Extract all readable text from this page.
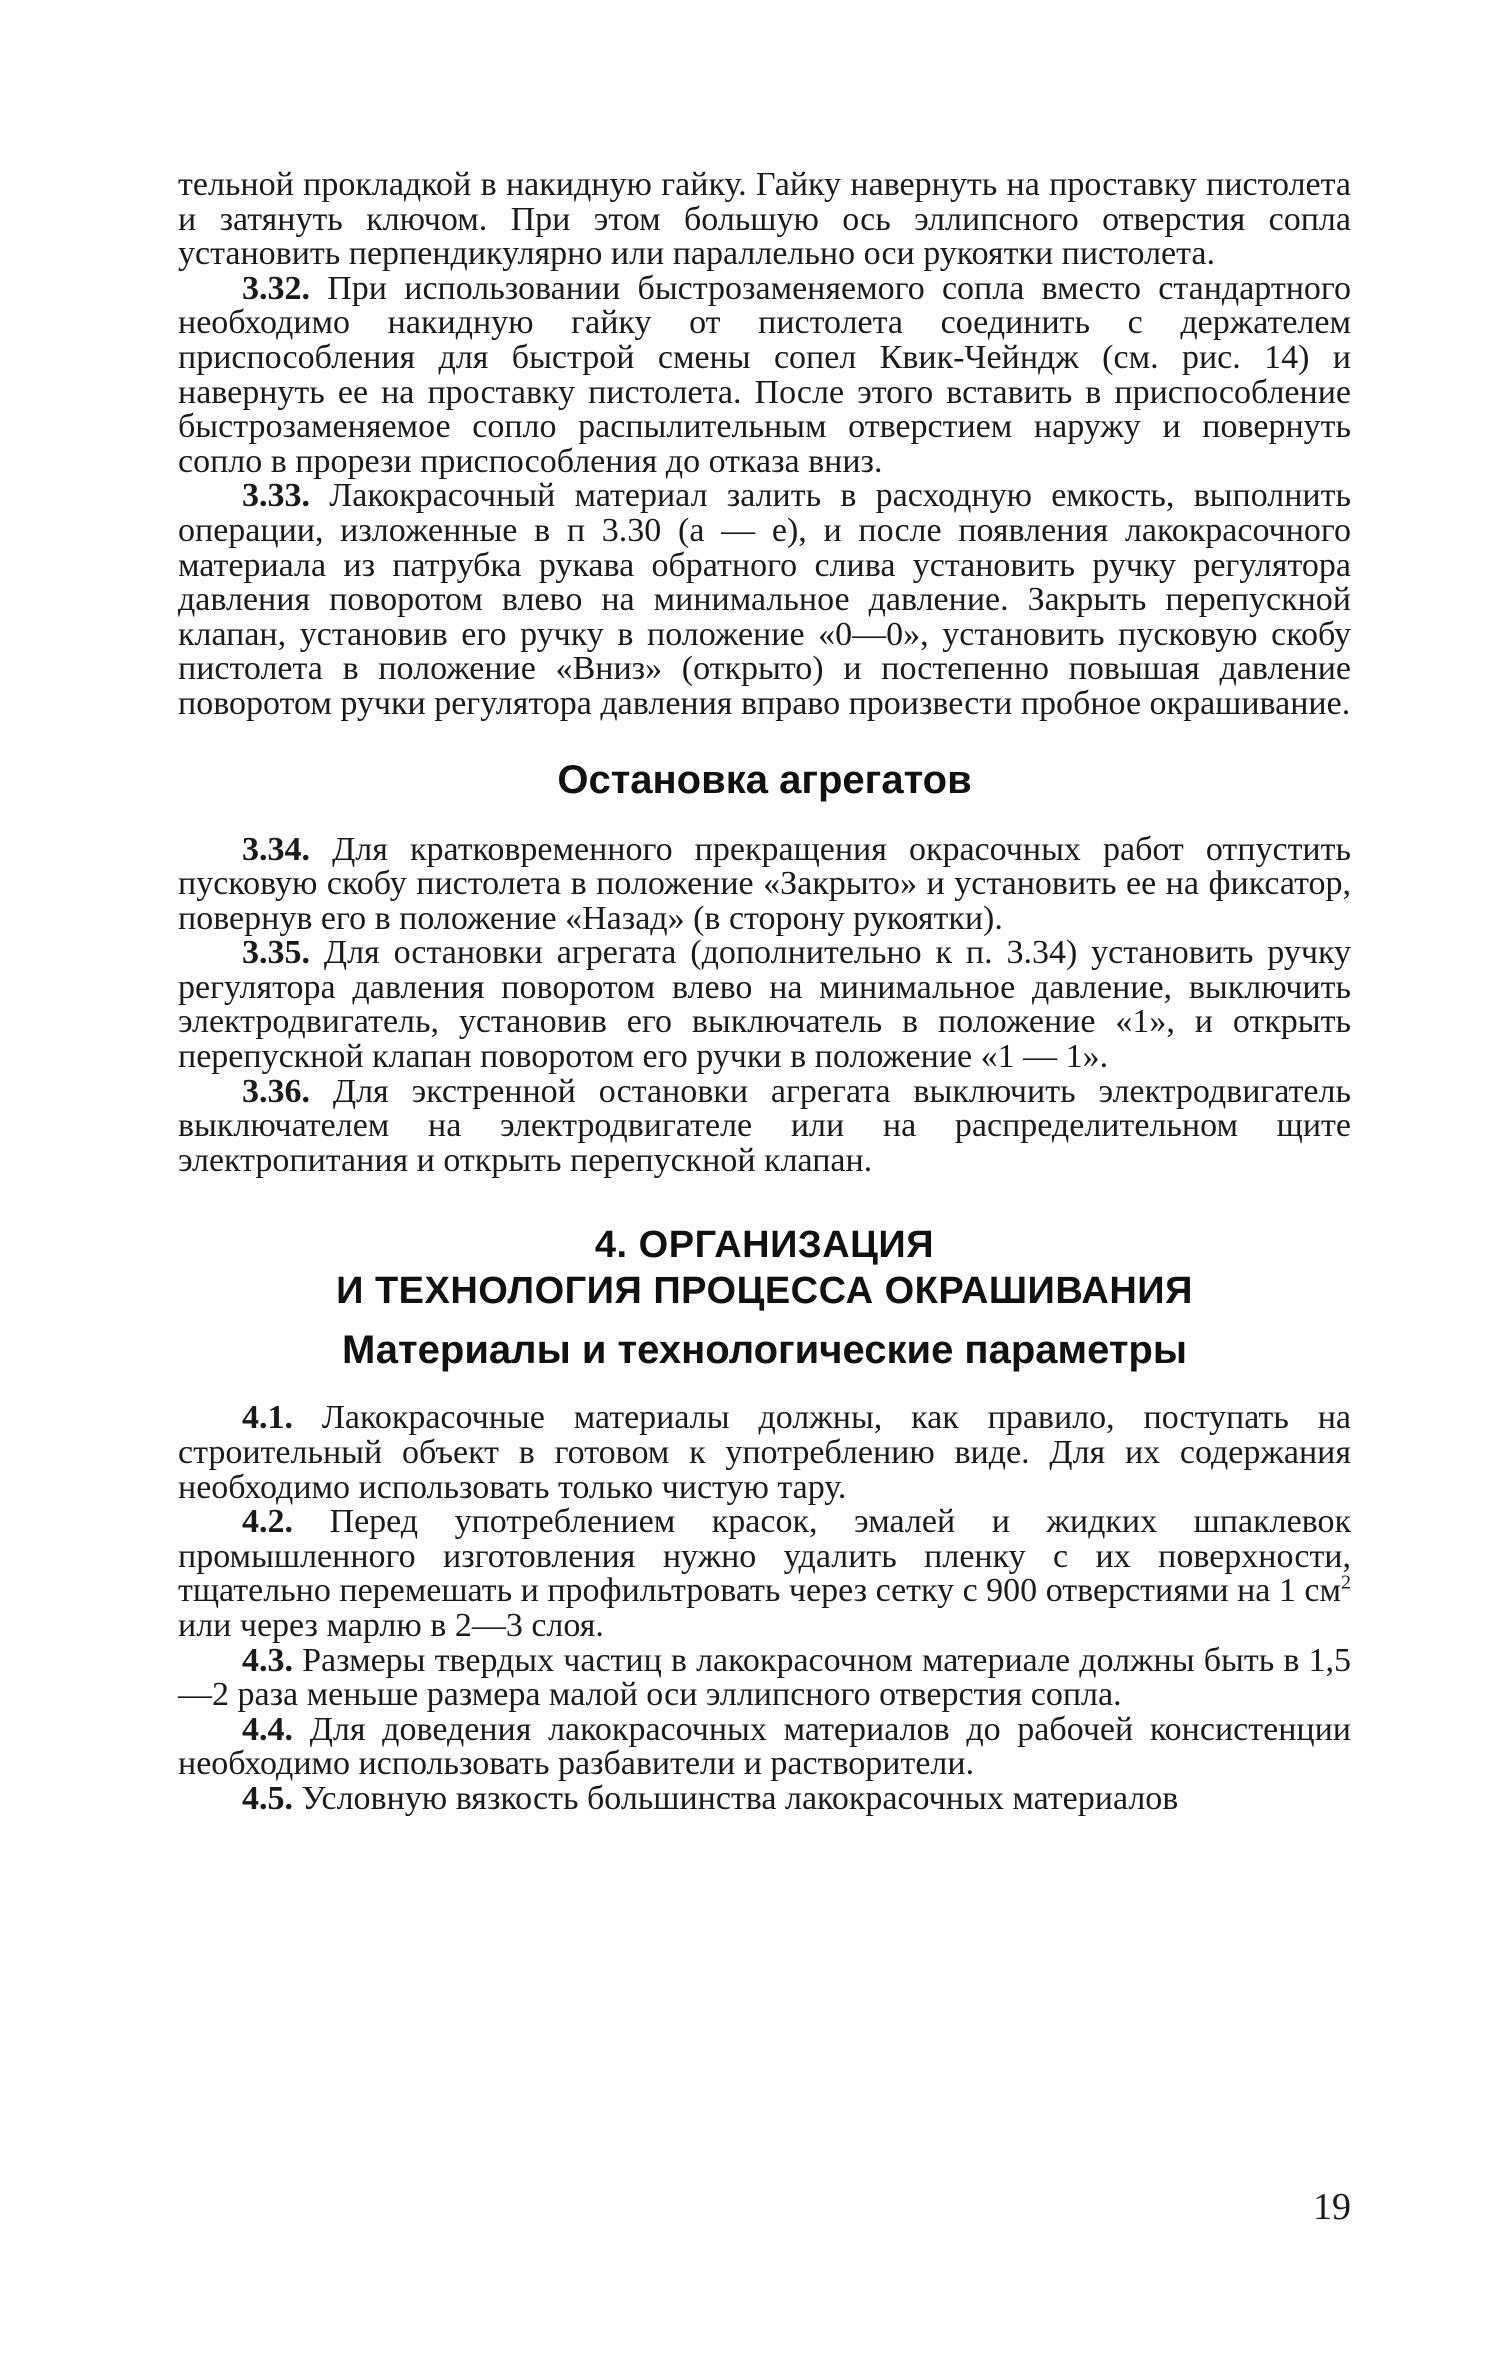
тельной прокладкой в накидную гайку. Гайку навернуть на проставку пистолета и затянуть ключом. При этом большую ось эллипсного отверстия сопла установить перпендикулярно или параллельно оси рукоятки пистолета.

3.32. При использовании быстрозаменяемого сопла вместо стандартного необходимо накидную гайку от пистолета соединить с держателем приспособления для быстрой смены сопел Квик-Чейндж (см. рис. 14) и навернуть ее на проставку пистолета. После этого вставить в приспособление быстрозаменяемое сопло распылительным отверстием наружу и повернуть сопло в прорези приспособления до отказа вниз.

3.33. Лакокрасочный материал залить в расходную емкость, выполнить операции, изложенные в п 3.30 (а — е), и после появления лакокрасочного материала из патрубка рукава обратного слива установить ручку регулятора давления поворотом влево на минимальное давление. Закрыть перепускной клапан, установив его ручку в положение «0—0», установить пусковую скобу пистолета в положение «Вниз» (открыто) и постепенно повышая давление поворотом ручки регулятора давления вправо произвести пробное окрашивание.

Остановка агрегатов

3.34. Для кратковременного прекращения окрасочных работ отпустить пусковую скобу пистолета в положение «Закрыто» и установить ее на фиксатор, повернув его в положение «Назад» (в сторону рукоятки).

3.35. Для остановки агрегата (дополнительно к п. 3.34) установить ручку регулятора давления поворотом влево на минимальное давление, выключить электродвигатель, установив его выключатель в положение «1», и открыть перепускной клапан поворотом его ручки в положение «1 — 1».

3.36. Для экстренной остановки агрегата выключить электродвигатель выключателем на электродвигателе или на распределительном щите электропитания и открыть перепускной клапан.

4. ОРГАНИЗАЦИЯ
И ТЕХНОЛОГИЯ ПРОЦЕССА ОКРАШИВАНИЯ
Материалы и технологические параметры

4.1. Лакокрасочные материалы должны, как правило, поступать на строительный объект в готовом к употреблению виде. Для их содержания необходимо использовать только чистую тару.

4.2. Перед употреблением красок, эмалей и жидких шпаклевок промышленного изготовления нужно удалить пленку с их поверхности, тщательно перемешать и профильтровать через сетку с 900 отверстиями на 1 $см^2$ или через марлю в 2—3 слоя.

4.3. Размеры твердых частиц в лакокрасочном материале должны быть в 1,5—2 раза меньше размера малой оси эллипсного отверстия сопла.

4.4. Для доведения лакокрасочных материалов до рабочей консистенции необходимо использовать разбавители и растворители.

4.5. Условную вязкость большинства лакокрасочных материалов

19
